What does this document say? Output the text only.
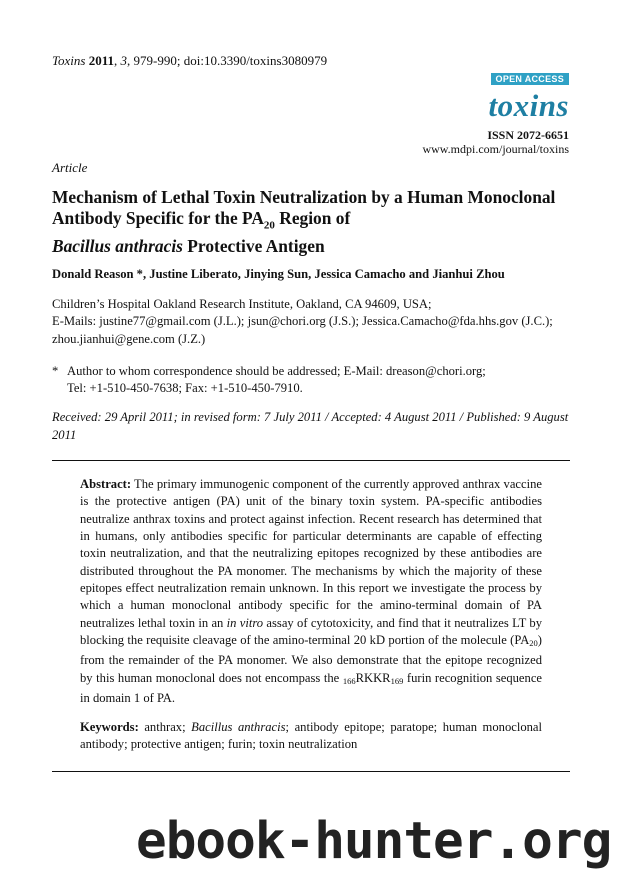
Toxins 2011, 3, 979-990; doi:10.3390/toxins3080979
OPEN ACCESS
toxins
ISSN 2072-6651
www.mdpi.com/journal/toxins
Article
Mechanism of Lethal Toxin Neutralization by a Human Monoclonal Antibody Specific for the $PA_{20}$ Region of
Bacillus anthracis Protective Antigen
Donald Reason *, Justine Liberato, Jinying Sun, Jessica Camacho and Jianhui Zhou
Children’s Hospital Oakland Research Institute, Oakland, CA 94609, USA;
E-Mails: justine77@gmail.com (J.L.); jsun@chori.org (J.S.); Jessica.Camacho@fda.hhs.gov (J.C.); zhou.jianhui@gene.com (J.Z.)
* Author to whom correspondence should be addressed; E-Mail: dreason@chori.org;
Tel: +1-510-450-7638; Fax: +1-510-450-7910.
Received: 29 April 2011; in revised form: 7 July 2011 / Accepted: 4 August 2011 / Published: 9 August 2011
Abstract: The primary immunogenic component of the currently approved anthrax vaccine is the protective antigen (PA) unit of the binary toxin system. PA-specific antibodies neutralize anthrax toxins and protect against infection. Recent research has determined that in humans, only antibodies specific for particular determinants are capable of effecting toxin neutralization, and that the neutralizing epitopes recognized by these antibodies are distributed throughout the PA monomer. The mechanisms by which the majority of these epitopes effect neutralization remain unknown. In this report we investigate the process by which a human monoclonal antibody specific for the amino-terminal domain of PA neutralizes lethal toxin in an in vitro assay of cytotoxicity, and find that it neutralizes LT by blocking the requisite cleavage of the amino-terminal 20 kD portion of the molecule $(PA_{20})$ from the remainder of the PA monomer. We also demonstrate that the epitope recognized by this human monoclonal does not encompass the $166RKKR_{169}$ furin recognition sequence in domain 1 of PA.
Keywords: anthrax; Bacillus anthracis; antibody epitope; paratope; human monoclonal antibody; protective antigen; furin; toxin neutralization
ebook-hunter.org
